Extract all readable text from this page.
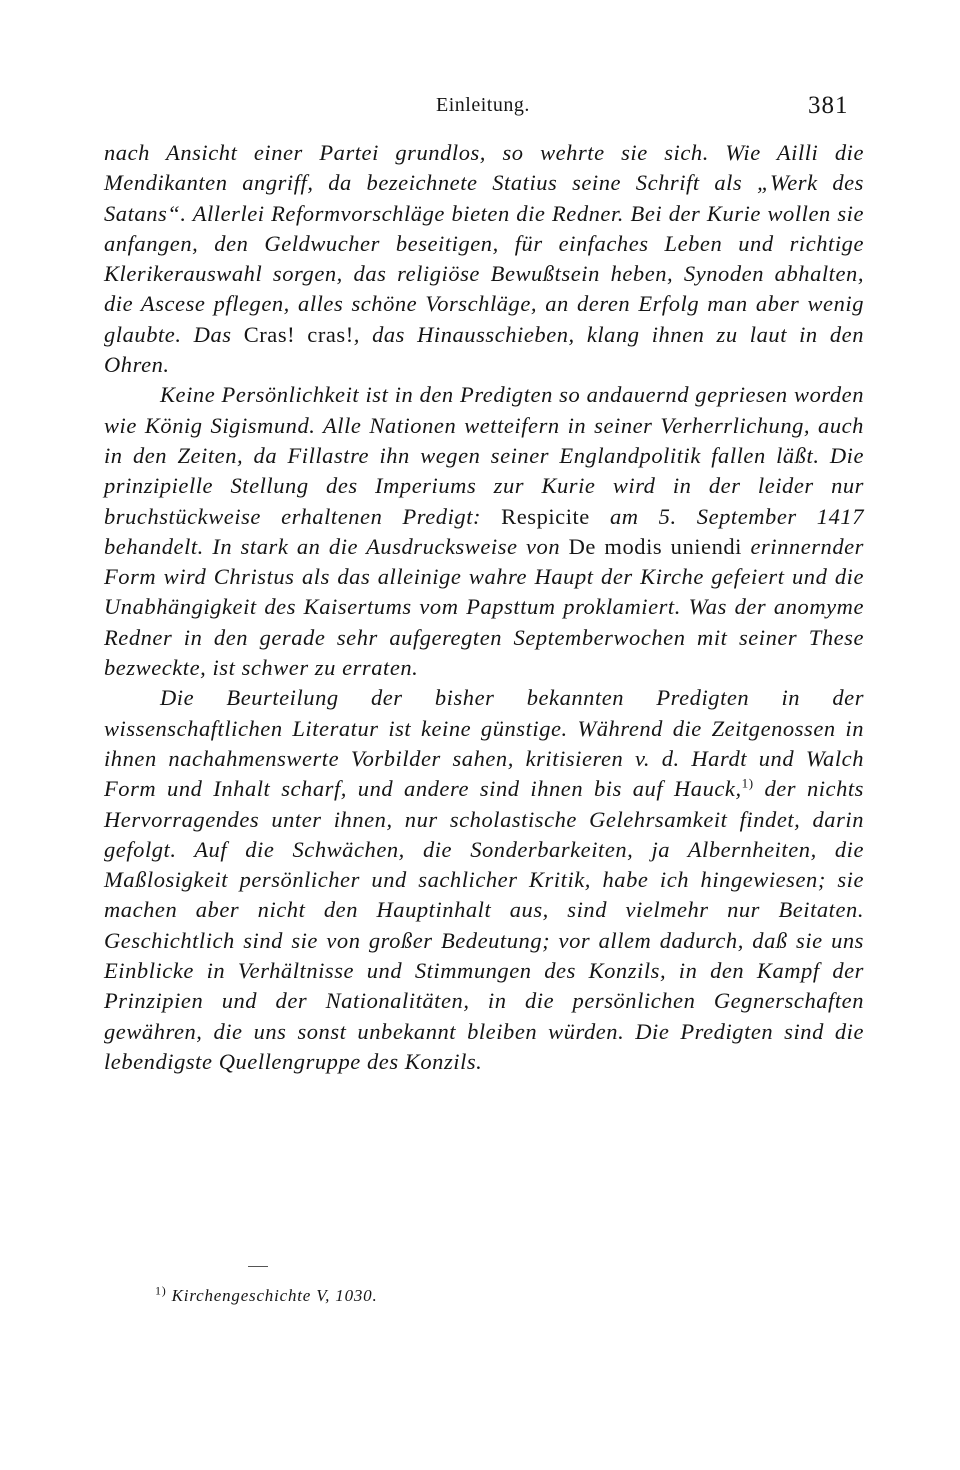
Einleitung.	381

nach Ansicht einer Partei grundlos, so wehrte sie sich. Wie Ailli die Mendikanten angriff, da bezeichnete Statius seine Schrift als „Werk des Satans“. Allerlei Reformvorschläge bieten die Redner. Bei der Kurie wollen sie anfangen, den Geldwucher beseitigen, für einfaches Leben und richtige Klerikerauswahl sorgen, das religiöse Bewußtsein heben, Synoden abhalten, die Ascese pflegen, alles schöne Vorschläge, an deren Erfolg man aber wenig glaubte. Das Cras! cras!, das Hinausschieben, klang ihnen zu laut in den Ohren.

Keine Persönlichkeit ist in den Predigten so andauernd gepriesen worden wie König Sigismund. Alle Nationen wetteifern in seiner Verherrlichung, auch in den Zeiten, da Fillastre ihn wegen seiner Englandpolitik fallen läßt. Die prinzipielle Stellung des Imperiums zur Kurie wird in der leider nur bruchstückweise erhaltenen Predigt: Respicite am 5. September 1417 behandelt. In stark an die Ausdrucksweise von De modis uniendi erinnernder Form wird Christus als das alleinige wahre Haupt der Kirche gefeiert und die Unabhängigkeit des Kaisertums vom Papsttum proklamiert. Was der anomyme Redner in den gerade sehr aufgeregten Septemberwochen mit seiner These bezweckte, ist schwer zu erraten.

Die Beurteilung der bisher bekannten Predigten in der wissenschaftlichen Literatur ist keine günstige. Während die Zeitgenossen in ihnen nachahmenswerte Vorbilder sahen, kritisieren v. d. Hardt und Walch Form und Inhalt scharf, und andere sind ihnen bis auf Hauck,$^{1)}$ der nichts Hervorragendes unter ihnen, nur scholastische Gelehrsamkeit findet, darin gefolgt. Auf die Schwächen, die Sonderbarkeiten, ja Albernheiten, die Maßlosigkeit persönlicher und sachlicher Kritik, habe ich hingewiesen; sie machen aber nicht den Hauptinhalt aus, sind vielmehr nur Beitaten. Geschichtlich sind sie von großer Bedeutung; vor allem dadurch, daß sie uns Einblicke in Verhältnisse und Stimmungen des Konzils, in den Kampf der Prinzipien und der Nationalitäten, in die persönlichen Gegnerschaften gewähren, die uns sonst unbekannt bleiben würden. Die Predigten sind die lebendigste Quellengruppe des Konzils.

$^{1)}$ Kirchengeschichte V, 1030.
